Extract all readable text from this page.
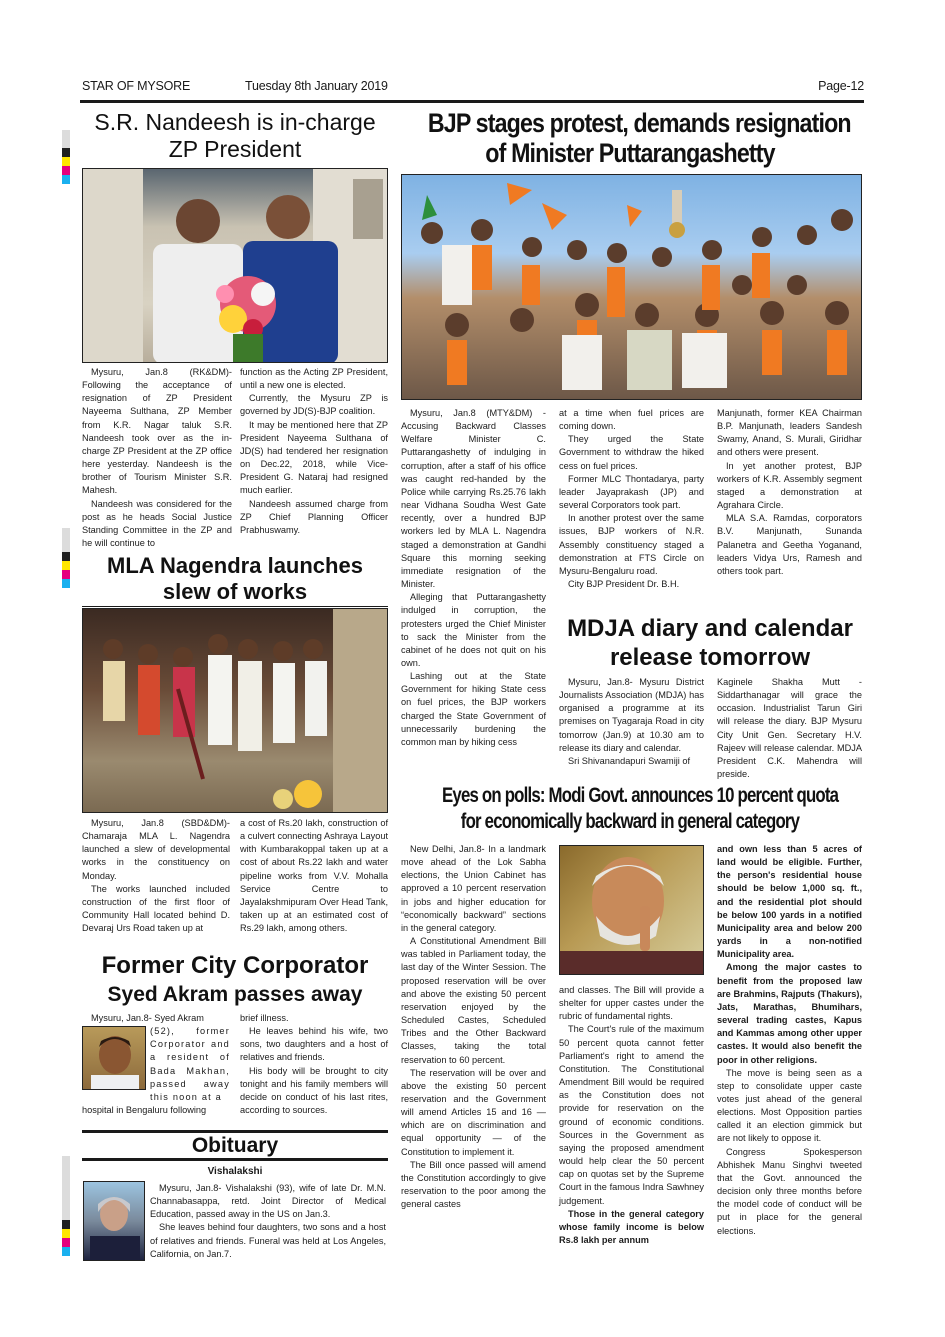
STAR OF MYSORE	Tuesday 8th January 2019	Page-12
S.R. Nandeesh is in-charge
ZP President

Mysuru, Jan.8 (RK&DM)- Following the acceptance of resignation of ZP President Nayeema Sulthana, ZP Member from K.R. Nagar taluk S.R. Nandeesh took over as the in-charge ZP President at the ZP office here yesterday. Nandeesh is the brother of Tourism Minister S.R. Mahesh.

Nandeesh was considered for the post as he heads Social Justice Standing Committee in the ZP and he will continue to

function as the Acting ZP President, until a new one is elected.

Currently, the Mysuru ZP is governed by JD(S)-BJP coalition.

It may be mentioned here that ZP President Nayeema Sulthana of JD(S) had tendered her resignation on Dec.22, 2018, while Vice-President G. Nataraj had resigned much earlier.

Nandeesh assumed charge from ZP Chief Planning Officer Prabhuswamy.

BJP stages protest, demands resignation
of Minister Puttarangashetty

Mysuru, Jan.8 (MTY&DM) - Accusing Backward Classes Welfare Minister C. Puttarangashetty of indulging in corruption, after a staff of his office was caught red-handed by the Police while carrying Rs.25.76 lakh near Vidhana Soudha West Gate recently, over a hundred BJP workers led by MLA L. Nagendra staged a demonstration at Gandhi Square this morning seeking immediate resignation of the Minister.

Alleging that Puttarangashetty indulged in corruption, the protesters urged the Chief Minister to sack the Minister from the cabinet of he does not quit on his own.

Lashing out at the State Government for hiking State cess on fuel prices, the BJP workers charged the State Government of unnecessarily burdening the common man by hiking cess

at a time when fuel prices are coming down.

They urged the State Government to withdraw the hiked cess on fuel prices.

Former MLC Thontadarya, party leader Jayaprakash (JP) and several Corporators took part.

In another protest over the same issues, BJP workers of N.R. Assembly constituency staged a demonstration at FTS Circle on Mysuru-Bengaluru road.

City BJP President Dr. B.H.

Manjunath, former KEA Chairman B.P. Manjunath, leaders Sandesh Swamy, Anand, S. Murali, Giridhar and others were present.

In yet another protest, BJP workers of K.R. Assembly segment staged a demonstration at Agrahara Circle.

MLA S.A. Ramdas, corporators B.V. Manjunath, Sunanda Palanetra and Geetha Yoganand, leaders Vidya Urs, Ramesh and others took part.

MLA Nagendra launches
slew of works

Mysuru, Jan.8 (SBD&DM)- Chamaraja MLA L. Nagendra launched a slew of developmental works in the constituency on Monday.

The works launched included construction of the first floor of Community Hall located behind D. Devaraj Urs Road taken up at

a cost of Rs.20 lakh, construction of a culvert connecting Ashraya Layout with Kumbarakoppal taken up at a cost of about Rs.22 lakh and water pipeline works from V.V. Mohalla Service Centre to Jayalakshmipuram Over Head Tank, taken up at an estimated cost of Rs.29 lakh, among others.

MDJA diary and calendar
release tomorrow

Mysuru, Jan.8- Mysuru District Journalists Association (MDJA) has organised a programme at its premises on Tyagaraja Road in city tomorrow (Jan.9) at 10.30 am to release its diary and calendar.

Sri Shivanandapuri Swamiji of

Kaginele Shakha Mutt - Siddarthanagar will grace the occasion. Industrialist Tarun Giri will release the diary. BJP Mysuru City Unit Gen. Secretary H.V. Rajeev will release calendar. MDJA President C.K. Mahendra will preside.

Eyes on polls: Modi Govt. announces 10 percent quota
for economically backward in general category

New Delhi, Jan.8- In a landmark move ahead of the Lok Sabha elections, the Union Cabinet has approved a 10 percent reservation in jobs and higher education for “economically backward” sections in the general category.

A Constitutional Amendment Bill was tabled in Parliament today, the last day of the Winter Session. The proposed reservation will be over and above the existing 50 percent reservation enjoyed by the Scheduled Castes, Scheduled Tribes and the Other Backward Classes, taking the total reservation to 60 percent.

The reservation will be over and above the existing 50 percent reservation and the Government will amend Articles 15 and 16 — which are on discrimination and equal opportunity — of the Constitution to implement it.

The Bill once passed will amend the Constitution accordingly to give reservation to the poor among the general castes

and classes. The Bill will provide a shelter for upper castes under the rubric of fundamental rights.

The Court's rule of the maximum 50 percent quota cannot fetter Parliament's right to amend the Constitution. The Constitutional Amendment Bill would be required as the Constitution does not provide for reservation on the ground of economic conditions. Sources in the Government as saying the proposed amendment would help clear the 50 percent cap on quotas set by the Supreme Court in the famous Indra Sawhney judgement.

Those in the general category whose family income is below Rs.8 lakh per annum

and own less than 5 acres of land would be eligible. Further, the person's residential house should be below 1,000 sq. ft., and the residential plot should be below 100 yards in a notified Municipality area and below 200 yards in a non-notified Municipality area.

Among the major castes to benefit from the proposed law are Brahmins, Rajputs (Thakurs), Jats, Marathas, Bhumihars, several trading castes, Kapus and Kammas among other upper castes. It would also benefit the poor in other religions.

The move is being seen as a step to consolidate upper caste votes just ahead of the general elections. Most Opposition parties called it an election gimmick but are not likely to oppose it.

Congress Spokesperson Abhishek Manu Singhvi tweeted that the Govt. announced the decision only three months before the model code of conduct will be put in place for the general elections.

Former City Corporator
Syed Akram passes away

Mysuru, Jan.8- Syed Akram

(52), former Corporator and a resident of Bada Makhan, passed away this noon at a

hospital in Bengaluru following

brief illness.

He leaves behind his wife, two sons, two daughters and a host of relatives and friends.

His body will be brought to city tonight and his family members will decide on conduct of his last rites, according to sources.

Obituary
Vishalakshi

Mysuru, Jan.8- Vishalakshi (93), wife of late Dr. M.N. Channabasappa, retd. Joint Director of Medical Education, passed away in the US on Jan.3.

She leaves behind four daughters, two sons and a host of relatives and friends. Funeral was held at Los Angeles, California, on Jan.7.
